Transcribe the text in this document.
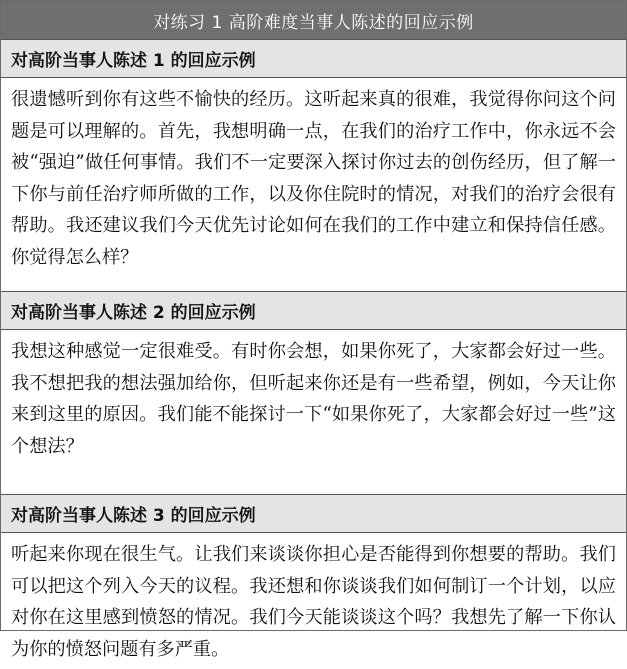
对练习 1 高阶难度当事人陈述的回应示例
对高阶当事人陈述 1 的回应示例
很遗憾听到你有这些不愉快的经历。这听起来真的很难，我觉得你问这个问题是可以理解的。首先，我想明确一点，在我们的治疗工作中，你永远不会被“强迫”做任何事情。我们不一定要深入探讨你过去的创伤经历，但了解一下你与前任治疗师所做的工作，以及你住院时的情况，对我们的治疗会很有帮助。我还建议我们今天优先讨论如何在我们的工作中建立和保持信任感。你觉得怎么样？
对高阶当事人陈述 2 的回应示例
我想这种感觉一定很难受。有时你会想，如果你死了，大家都会好过一些。我不想把我的想法强加给你，但听起来你还是有一些希望，例如，今天让你来到这里的原因。我们能不能探讨一下“如果你死了，大家都会好过一些”这个想法？
对高阶当事人陈述 3 的回应示例
听起来你现在很生气。让我们来谈谈你担心是否能得到你想要的帮助。我们可以把这个列入今天的议程。我还想和你谈谈我们如何制订一个计划，以应对你在这里感到愤怒的情况。我们今天能谈谈这个吗？我想先了解一下你认为你的愤怒问题有多严重。
